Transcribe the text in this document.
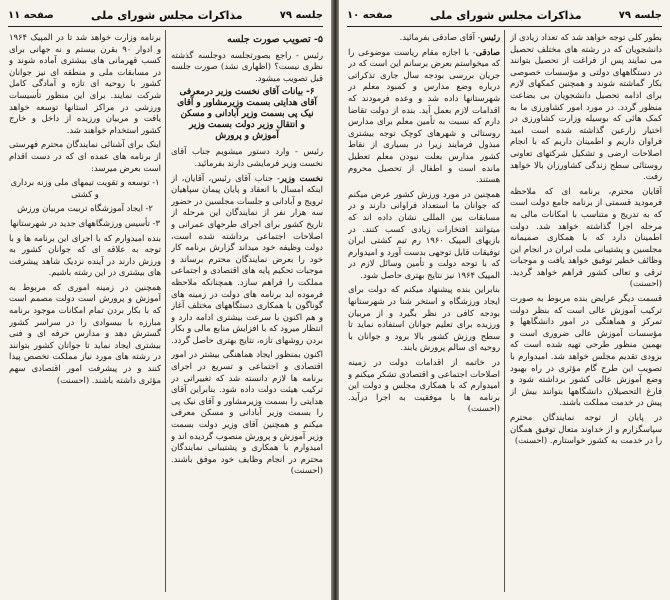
جلسه ۷۹
مذاکرات مجلس شورای ملی
صفحه ۱۱
۵- تصویب صورت جلسه

رئیس - راجع بصورتجلسه دوجلسه گذشته نظری نیست؟ (اظهاری نشد) صورت جلسه قبل تصویب میشود.

۶- بیانات آقای نخست وزیر درمعرفی آقای هدایتی بسمت وزیرمشاور و آقای نیک پی بسمت وزیر آبادانی و مسکن و انتقال وزیر دولت بسمت وزیر آموزش و پرورش

رئیس - وارد دستور میشویم جناب آقای نخست وزیر فرمایشی دارند بفرمائید.

نخست وزیر- جناب آقای رئیس، آقایان، از اینکه امسال با انعقاد و پایان پیمان سپاهیان ترویج و آبادانی و جلسات مجلسین در حضور سه هزار نفر از نمایندگان این مرحله از تاریخ کشور برای اجرای طرحهای عمرانی و اصلاحات اجتماعی برداشته شده است، دولت وظیفه خود میداند گزارش برنامه کار خود را بعرض نمایندگان محترم برساند و موجبات تحکیم پایه های اقتصادی و اجتماعی مملکت را فراهم سازد. همچنانکه ملاحظه فرموده اید برنامه های دولت در زمینه های گوناگون با همکاری دستگاههای مختلف آغاز و هم اکنون با سرعت بیشتری ادامه دارد و انتظار میرود که با افزایش منابع مالی و بکار بردن روشهای تازه، نتایج بهتری حاصل گردد.

اکنون بمنظور ایجاد هماهنگی بیشتر در امور اقتصادی و اجتماعی و تسریع در اجرای برنامه ها لازم دانسته شد که تغییراتی در ترکیب هیئت دولت داده شود. بنابراین آقای هدایتی را بسمت وزیرمشاور و آقای نیک پی را بسمت وزیر آبادانی و مسکن معرفی میکنم و همچنین آقای وزیر دولت بسمت وزیر آموزش و پرورش منصوب گردیده اند و امیدوارم با همکاری و پشتیبانی نمایندگان محترم در انجام وظایف خود موفق باشند. (احسنت)

برنامه وزارت خواهد شد تا در المپیک ۱۹۶۴ و ادوار ۹۰ بقرن بیستم و نه جهانی برای کسب قهرمانی های بیشتری آماده شوند و در مسابقات ملی و منطقه ای نیز جوانان کشور با روحیه ای تازه و آمادگی کامل شرکت نمایند. برای این منظور تأسیسات ورزشی در مراکز استانها توسعه خواهد یافت و مربیان ورزیده از داخل و خارج کشور استخدام خواهند شد.

اینک برای آشنائی نمایندگان محترم فهرستی از برنامه های عمده ای که در دست اقدام است بعرض میرسد:

۱- توسعه و تقویت تیمهای ملی وزنه برداری و کشتی

۲- ایجاد آموزشگاه تربیت مربیان ورزش

۳- تأسیس ورزشگاههای جدید در شهرستانها

بنده امیدوارم که با اجرای این برنامه ها و با توجه به علاقه ای که جوانان کشور به ورزش دارند در آینده نزدیک شاهد پیشرفت های بیشتری در این رشته باشیم.

همچنین در زمینه اموری که مربوط به آموزش و پرورش است دولت مصمم است که با بکار بردن تمام امکانات موجود برنامه مبارزه با بیسوادی را در سراسر کشور گسترش دهد و مدارس حرفه ای و فنی بیشتری ایجاد نماید تا جوانان کشور بتوانند در رشته های مورد نیاز مملکت تخصص پیدا کنند و در پیشرفت امور اقتصادی سهم مؤثری داشته باشند. (احسنت)

جلسه ۷۹
مذاکرات مجلس شورای ملی
صفحه ۱۰

بطور کلی توجه خواهد شد که تعداد زیادی از دانشجویان که در رشته های مختلف تحصیل می نمایند پس از فراغت از تحصیل بتوانند در دستگاههای دولتی و مؤسسات خصوصی بکار گماشته شوند و همچنین کمکهای لازم برای ادامه تحصیل دانشجویان بی بضاعت منظور گردد. در مورد امور کشاورزی ما به کمک هائی که بوسیله وزارت کشاورزی در اختیار زارعین گذاشته شده است امید فراوان داریم و اطمینان داریم که با انجام اصلاحات ارضی و تشکیل شرکتهای تعاونی روستائی سطح زندگی کشاورزان بالا خواهد رفت.

آقایان محترم، برنامه ای که ملاحظه فرمودید قسمتی از برنامه جامع دولت است که به تدریج و متناسب با امکانات مالی به مرحله اجرا گذاشته خواهد شد. دولت اطمینان دارد که با همکاری صمیمانه مجلسین و پشتیبانی ملت ایران در انجام این وظائف خطیر توفیق خواهد یافت و موجبات ترقی و تعالی کشور فراهم خواهد گردید. (احسنت)

قسمت دیگر عرایض بنده مربوط به صورت ترکیب آموزش عالی است که بنظر دولت تمرکز و هماهنگی در امور دانشگاهها و مؤسسات آموزش عالی ضروری است و بهمین منظور طرحی تهیه شده است که بزودی تقدیم مجلس خواهد شد. امیدوارم با تصویب این طرح گام مؤثری در راه بهبود وضع آموزش عالی کشور برداشته شود و فارغ التحصیلان دانشگاهها بتوانند بیش از پیش در خدمت مملکت باشند.

در پایان از توجه نمایندگان محترم سپاسگزارم و از خداوند متعال توفیق همگان را در خدمت به کشور خواستارم. (احسنت)

رئیس- آقای صادقی بفرمائید.

صادقی- با اجازه مقام ریاست موضوعی را که میخواستم بعرض برسانم این است که در جریان بررسی بودجه سال جاری تذکراتی درباره وضع مدارس و کمبود معلم در شهرستانها داده شد و وعده فرمودند که اقدامات لازم بعمل آید. بنده از دولت تقاضا دارم که نسبت به تأمین معلم برای مدارس روستائی و شهرهای کوچک توجه بیشتری مبذول فرمایند زیرا در بسیاری از نقاط کشور مدارس بعلت نبودن معلم تعطیل مانده است و اطفال از تحصیل محروم هستند.

همچنین در مورد ورزش کشور عرض میکنم که جوانان ما استعداد فراوانی دارند و در مسابقات بین المللی نشان داده اند که میتوانند افتخارات زیادی کسب کنند. در بازیهای المپیک ۱۹۶۰ رم تیم کشتی ایران توفیقات قابل توجهی بدست آورد و امیدوارم که با توجه دولت و تأمین وسائل لازم در المپیک ۱۹۶۴ نیز نتایج بهتری حاصل شود.

بنابراین بنده پیشنهاد میکنم که دولت برای ایجاد ورزشگاه و استخر شنا در شهرستانها بودجه کافی در نظر بگیرد و از مربیان ورزیده برای تعلیم جوانان استفاده نماید تا سطح ورزش کشور بالا برود و جوانان با روحیه ای سالم پرورش یابند.

در خاتمه از اقدامات دولت در زمینه اصلاحات اجتماعی و اقتصادی تشکر میکنم و امیدوارم که با همکاری مجلس و دولت این برنامه ها با موفقیت به اجرا درآید. (احسنت)
